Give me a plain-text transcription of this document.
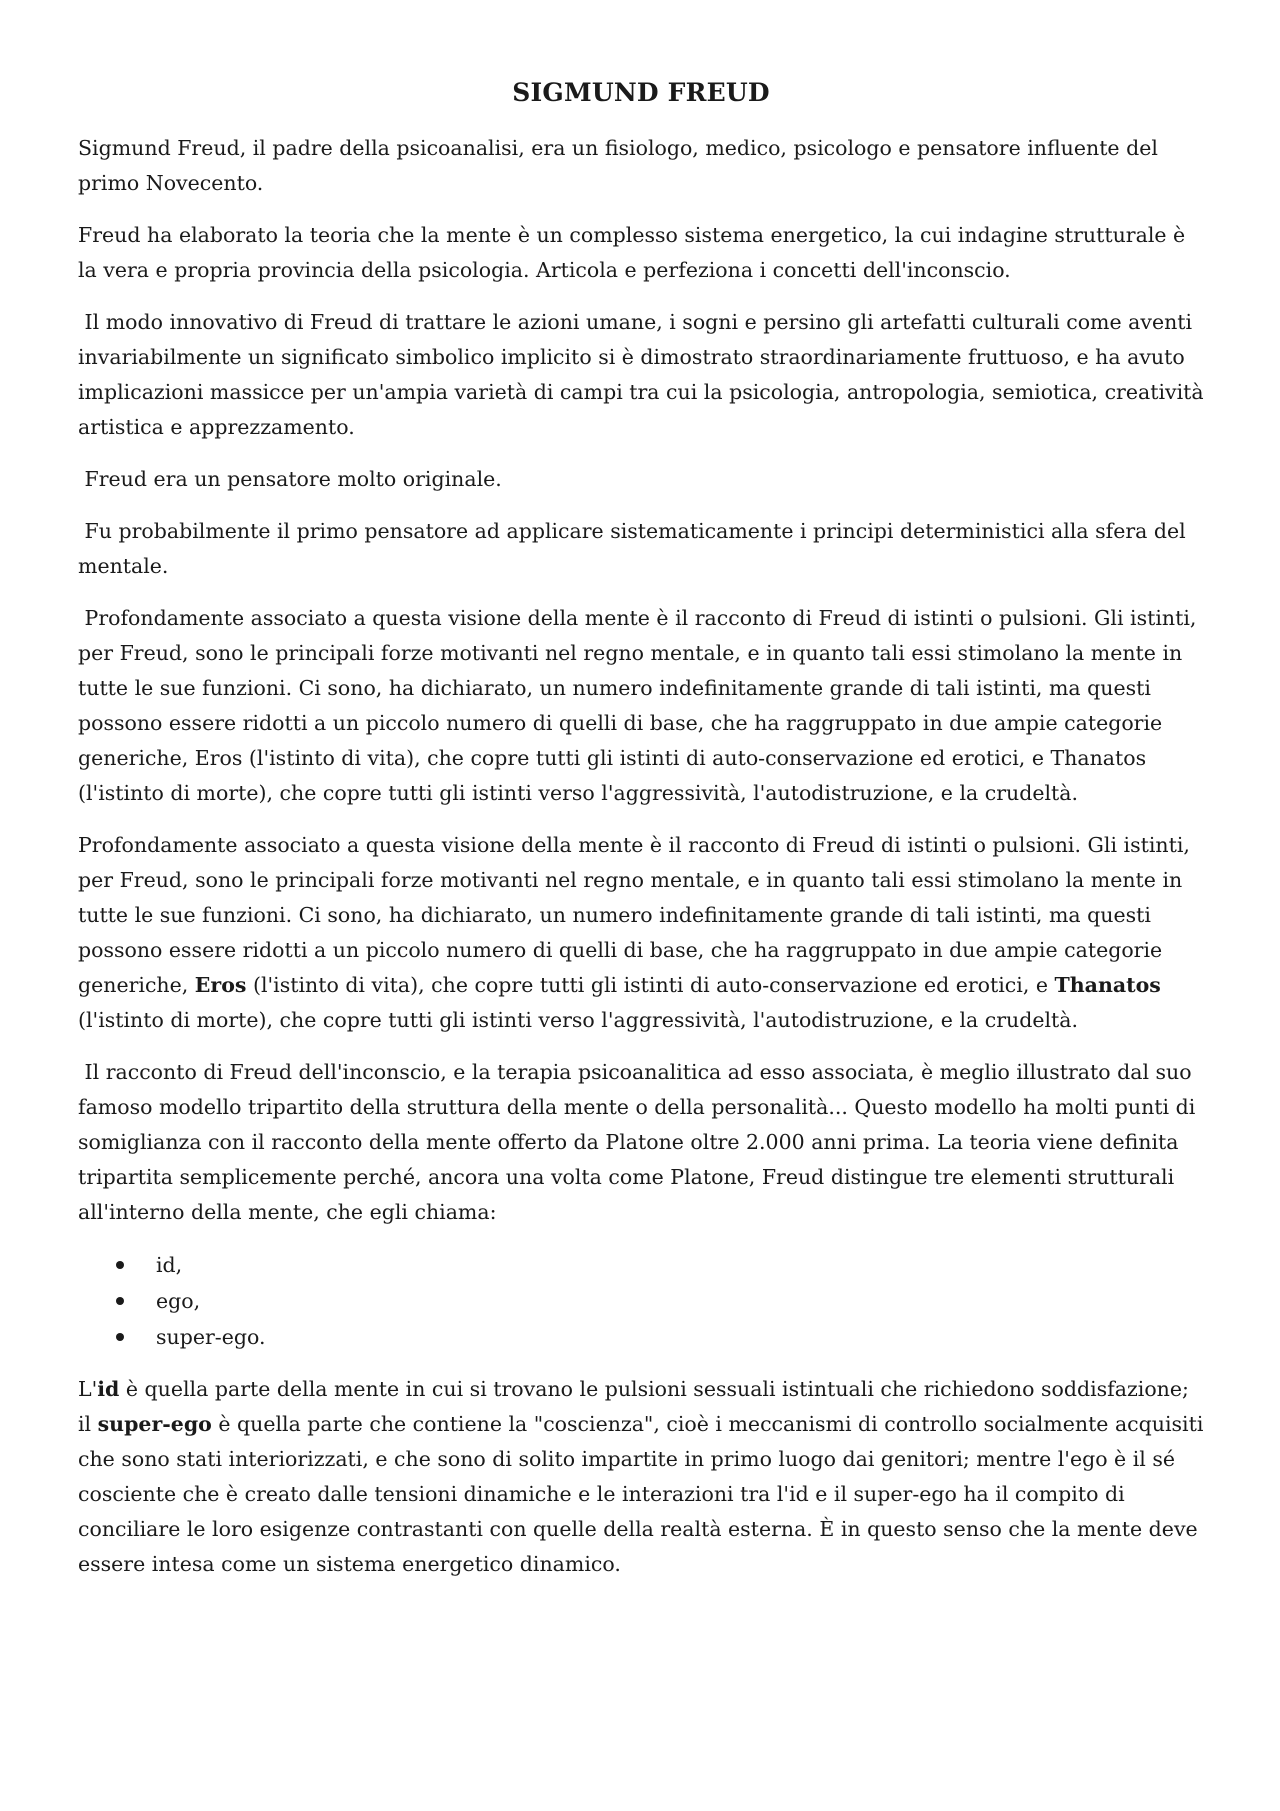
SIGMUND FREUD

Sigmund Freud, il padre della psicoanalisi, era un fisiologo, medico, psicologo e pensatore influente del primo Novecento.

Freud ha elaborato la teoria che la mente è un complesso sistema energetico, la cui indagine strutturale è la vera e propria provincia della psicologia. Articola e perfeziona i concetti dell'inconscio.

Il modo innovativo di Freud di trattare le azioni umane, i sogni e persino gli artefatti culturali come aventi invariabilmente un significato simbolico implicito si è dimostrato straordinariamente fruttuoso, e ha avuto implicazioni massicce per un'ampia varietà di campi tra cui la psicologia, antropologia, semiotica, creatività artistica e apprezzamento.

Freud era un pensatore molto originale.

Fu probabilmente il primo pensatore ad applicare sistematicamente i principi deterministici alla sfera del mentale.

Profondamente associato a questa visione della mente è il racconto di Freud di istinti o pulsioni. Gli istinti, per Freud, sono le principali forze motivanti nel regno mentale, e in quanto tali essi stimolano la mente in tutte le sue funzioni. Ci sono, ha dichiarato, un numero indefinitamente grande di tali istinti, ma questi possono essere ridotti a un piccolo numero di quelli di base, che ha raggruppato in due ampie categorie generiche, Eros (l'istinto di vita), che copre tutti gli istinti di auto-conservazione ed erotici, e Thanatos (l'istinto di morte), che copre tutti gli istinti verso l'aggressività, l'autodistruzione, e la crudeltà.

Profondamente associato a questa visione della mente è il racconto di Freud di istinti o pulsioni. Gli istinti, per Freud, sono le principali forze motivanti nel regno mentale, e in quanto tali essi stimolano la mente in tutte le sue funzioni. Ci sono, ha dichiarato, un numero indefinitamente grande di tali istinti, ma questi possono essere ridotti a un piccolo numero di quelli di base, che ha raggruppato in due ampie categorie generiche, Eros (l'istinto di vita), che copre tutti gli istinti di auto-conservazione ed erotici, e Thanatos (l'istinto di morte), che copre tutti gli istinti verso l'aggressività, l'autodistruzione, e la crudeltà.

Il racconto di Freud dell'inconscio, e la terapia psicoanalitica ad esso associata, è meglio illustrato dal suo famoso modello tripartito della struttura della mente o della personalità... Questo modello ha molti punti di somiglianza con il racconto della mente offerto da Platone oltre 2.000 anni prima. La teoria viene definita tripartita semplicemente perché, ancora una volta come Platone, Freud distingue tre elementi strutturali all'interno della mente, che egli chiama:

id,
ego,
super-ego.

L'id è quella parte della mente in cui si trovano le pulsioni sessuali istintuali che richiedono soddisfazione; il super-ego è quella parte che contiene la "coscienza", cioè i meccanismi di controllo socialmente acquisiti che sono stati interiorizzati, e che sono di solito impartite in primo luogo dai genitori; mentre l'ego è il sé cosciente che è creato dalle tensioni dinamiche e le interazioni tra l'id e il super-ego ha il compito di conciliare le loro esigenze contrastanti con quelle della realtà esterna. È in questo senso che la mente deve essere intesa come un sistema energetico dinamico.
